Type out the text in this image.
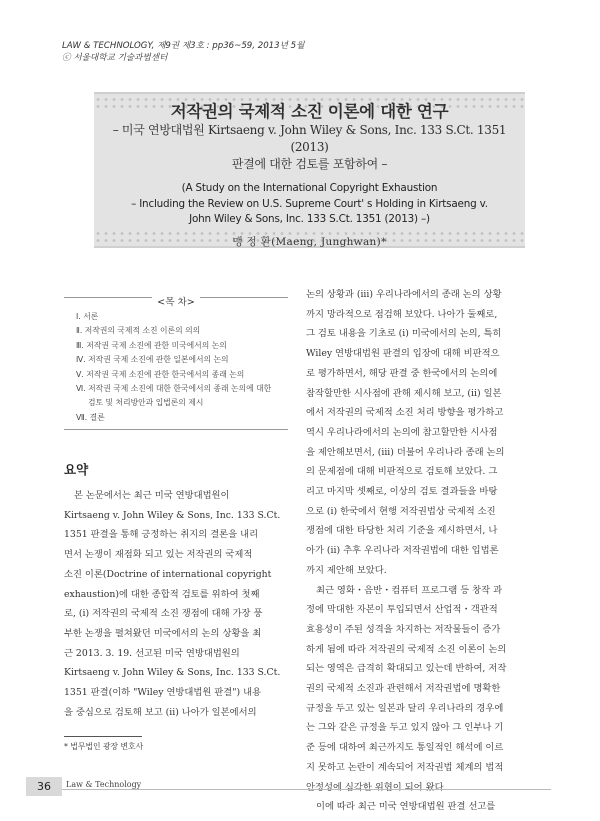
LAW & TECHNOLOGY, 제9권 제3호 : pp36~59, 2013년 5월
ⓒ 서울대학교 기술과법센터
저작권의 국제적 소진 이론에 대한 연구
– 미국 연방대법원 Kirtsaeng v. John Wiley & Sons, Inc. 133 S.Ct. 1351 (2013)
판결에 대한 검토를 포함하여 –
(A Study on the International Copyright Exhaustion
– Including the Review on U.S. Supreme Court' s Holding in Kirtsaeng v.
John Wiley & Sons, Inc. 133 S.Ct. 1351 (2013) –)
맹 정 환(Maeng, Junghwan)*
<목 차>
Ⅰ. 서론
Ⅱ. 저작권의 국제적 소진 이론의 의의
Ⅲ. 저작권 국제 소진에 관한 미국에서의 논의
Ⅳ. 저작권 국제 소진에 관한 일본에서의 논의
Ⅴ. 저작권 국제 소진에 관한 한국에서의 종래 논의
Ⅵ. 저작권 국제 소진에 대한 한국에서의 종래 논의에 대한
검토 및 처리방안과 입법론의 제시
Ⅶ. 결론
요약
본 논문에서는 최근 미국 연방대법원이
Kirtsaeng v. John Wiley & Sons, Inc. 133 S.Ct.
1351 판결을 통해 긍정하는 취지의 결론을 내리
면서 논쟁이 재점화 되고 있는 저작권의 국제적
소진 이론(Doctrine of international copyright
exhaustion)에 대한 종합적 검토를 위하여 첫째
로, (i) 저작권의 국제적 소진 쟁점에 대해 가장 풍
부한 논쟁을 펼쳐왔던 미국에서의 논의 상황을 최
근 2013. 3. 19. 선고된 미국 연방대법원의
Kirtsaeng v. John Wiley & Sons, Inc. 133 S.Ct.
1351 판결(이하 "Wiley 연방대법원 판결") 내용
을 중심으로 검토해 보고 (ii) 나아가 일본에서의
논의 상황과 (iii) 우리나라에서의 종래 논의 상황
까지 망라적으로 점검해 보았다. 나아가 둘째로,
그 검토 내용을 기초로 (i) 미국에서의 논의, 특히
Wiley 연방대법원 판결의 입장에 대해 비판적으
로 평가하면서, 해당 판결 중 한국에서의 논의에
참작할만한 시사점에 관해 제시해 보고, (ii) 일본
에서 저작권의 국제적 소진 처리 방향을 평가하고
역시 우리나라에서의 논의에 참고할만한 시사점
을 제안해보면서, (iii) 더불어 우리나라 종래 논의
의 문제점에 대해 비판적으로 검토해 보았다. 그
리고 마지막 셋째로, 이상의 검토 결과들을 바탕
으로 (i) 한국에서 현행 저작권법상 국제적 소진
쟁점에 대한 타당한 처리 기준을 제시하면서, 나
아가 (ii) 추후 우리나라 저작권법에 대한 입법론
까지 제안해 보았다.
최근 영화・음반・컴퓨터 프로그램 등 창작 과
정에 막대한 자본이 투입되면서 산업적・객관적
효용성이 주된 성격을 차지하는 저작물들이 증가
하게 됨에 따라 저작권의 국제적 소진 이론이 논의
되는 영역은 급격히 확대되고 있는데 반하여, 저작
권의 국제적 소진과 관련해서 저작권법에 명확한
규정을 두고 있는 일본과 달리 우리나라의 경우에
는 그와 같은 규정을 두고 있지 않아 그 인부나 기
준 등에 대하여 최근까지도 통일적인 해석에 이르
지 못하고 논란이 계속되어 저작권법 체계의 법적
안정성에 심각한 위협이 되어 왔다.
이에 따라 최근 미국 연방대법원 판결 선고를
* 법무법인 광장 변호사
36	Law & Technology
